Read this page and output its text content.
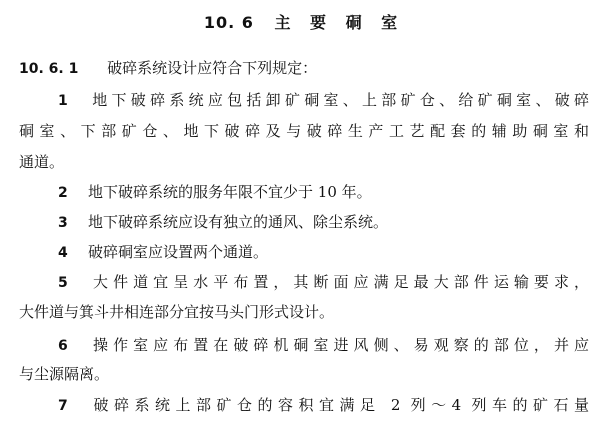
10. 6 主 要 硐 室
10. 6. 1 破碎系统设计应符合下列规定：
1 地下破碎系统应包括卸矿硐室、上部矿仓、给矿硐室、破碎
硐室、下部矿仓、地下破碎及与破碎生产工艺配套的辅助硐室和
通道。
2 地下破碎系统的服务年限不宜少于 10 年。
3 地下破碎系统应设有独立的通风、除尘系统。
4 破碎硐室应设置两个通道。
5 大件道宜呈水平布置，其断面应满足最大部件运输要求，
大件道与箕斗井相连部分宜按马头门形式设计。
6 操作室应布置在破碎机硐室进风侧、易观察的部位，并应
与尘源隔离。
7 破碎系统上部矿仓的容积宜满足 2 列～4 列车的矿石量
